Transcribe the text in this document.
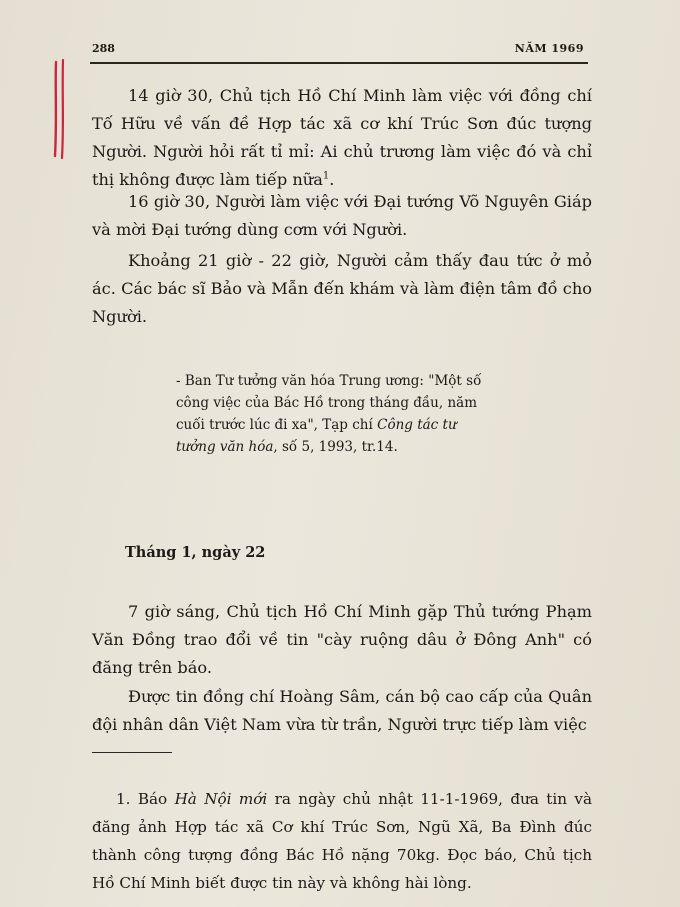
288	NĂM 1969

14 giờ 30, Chủ tịch Hồ Chí Minh làm việc với đồng chí Tố Hữu về vấn đề Hợp tác xã cơ khí Trúc Sơn đúc tượng Người. Người hỏi rất tỉ mỉ: Ai chủ trương làm việc đó và chỉ thị không được làm tiếp nữa$^1$.

16 giờ 30, Người làm việc với Đại tướng Võ Nguyên Giáp và mời Đại tướng dùng cơm với Người.

Khoảng 21 giờ - 22 giờ, Người cảm thấy đau tức ở mỏ ác. Các bác sĩ Bảo và Mẫn đến khám và làm điện tâm đồ cho Người.

- Ban Tư tưởng văn hóa Trung ương: "Một số công việc của Bác Hồ trong tháng đầu, năm cuối trước lúc đi xa", Tạp chí Công tác tư tưởng văn hóa, số 5, 1993, tr.14.

Tháng 1, ngày 22

7 giờ sáng, Chủ tịch Hồ Chí Minh gặp Thủ tướng Phạm Văn Đồng trao đổi về tin "cày ruộng dâu ở Đông Anh" có đăng trên báo.

Được tin đồng chí Hoàng Sâm, cán bộ cao cấp của Quân đội nhân dân Việt Nam vừa từ trần, Người trực tiếp làm việc

1. Báo Hà Nội mới ra ngày chủ nhật 11-1-1969, đưa tin và đăng ảnh Hợp tác xã Cơ khí Trúc Sơn, Ngũ Xã, Ba Đình đúc thành công tượng đồng Bác Hồ nặng 70kg. Đọc báo, Chủ tịch Hồ Chí Minh biết được tin này và không hài lòng.
